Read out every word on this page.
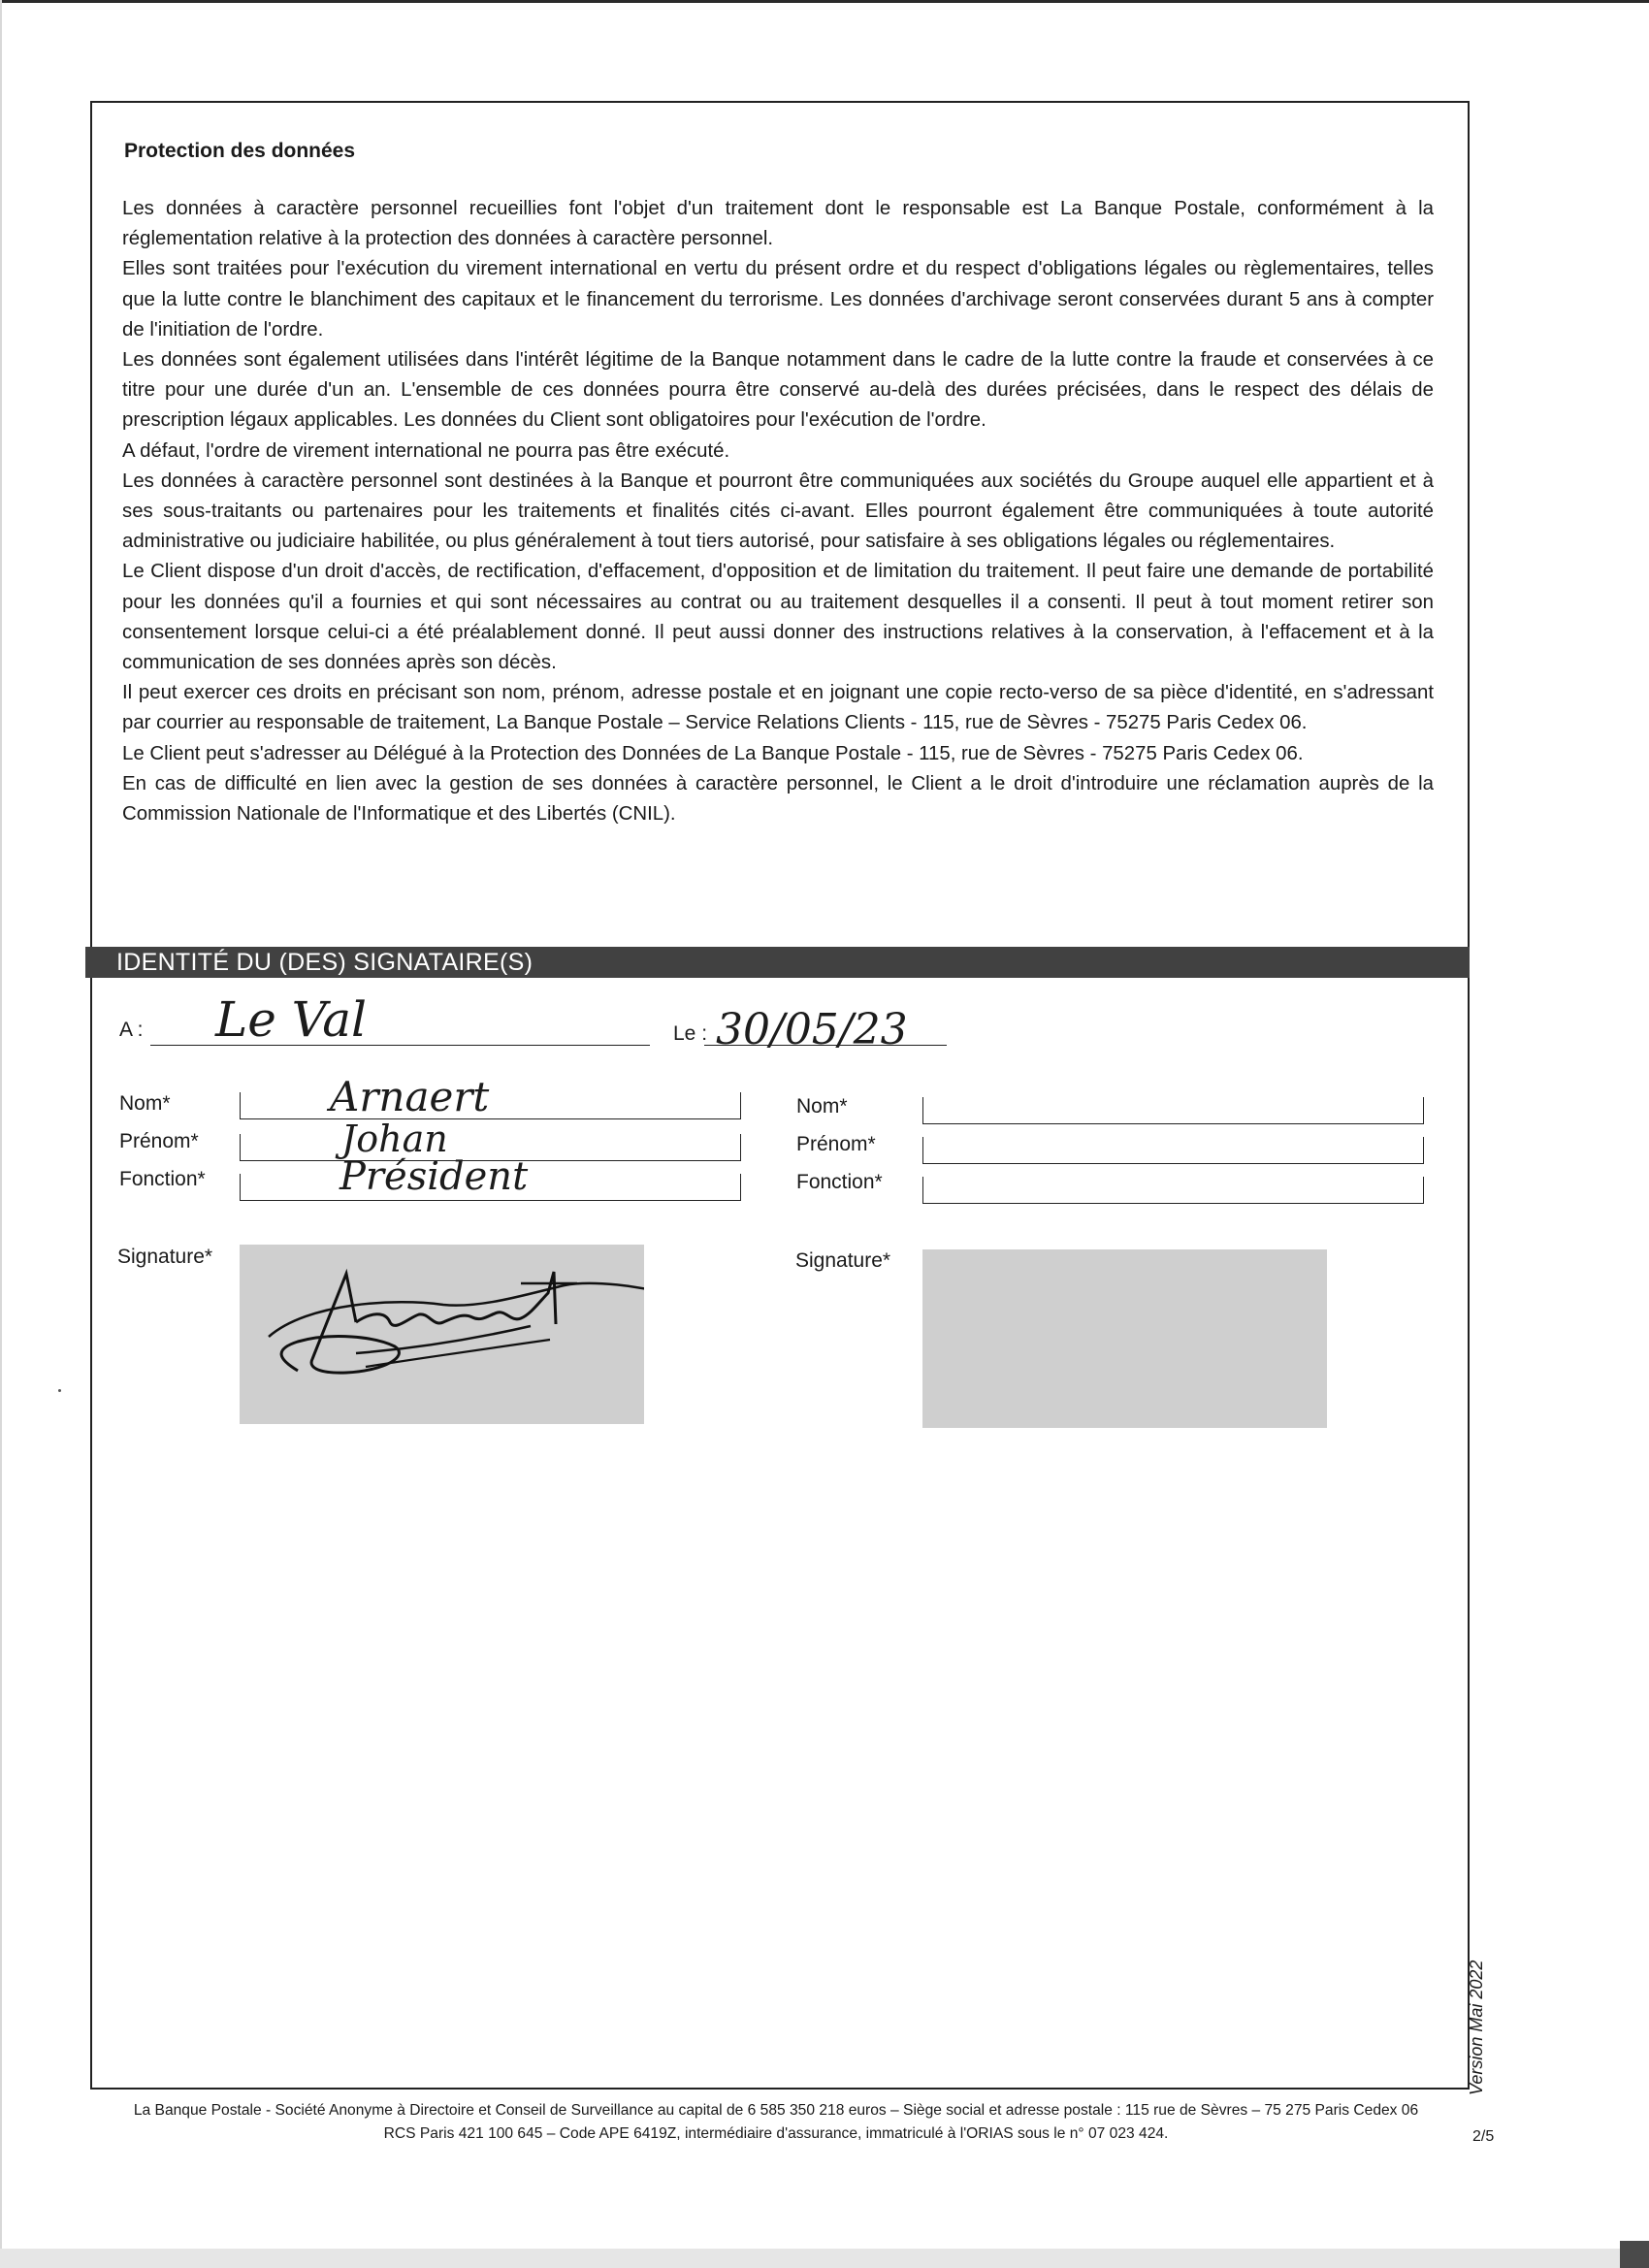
Protection des données

Les données à caractère personnel recueillies font l'objet d'un traitement dont le responsable est La Banque Postale, conformément à la réglementation relative à la protection des données à caractère personnel.

Elles sont traitées pour l'exécution du virement international en vertu du présent ordre et du respect d'obligations légales ou règlementaires, telles que la lutte contre le blanchiment des capitaux et le financement du terrorisme. Les données d'archivage seront conservées durant 5 ans à compter de l'initiation de l'ordre.

Les données sont également utilisées dans l'intérêt légitime de la Banque notamment dans le cadre de la lutte contre la fraude et conservées à ce titre pour une durée d'un an. L'ensemble de ces données pourra être conservé au-delà des durées précisées, dans le respect des délais de prescription légaux applicables. Les données du Client sont obligatoires pour l'exécution de l'ordre.

A défaut, l'ordre de virement international ne pourra pas être exécuté.

Les données à caractère personnel sont destinées à la Banque et pourront être communiquées aux sociétés du Groupe auquel elle appartient et à ses sous-traitants ou partenaires pour les traitements et finalités cités ci-avant. Elles pourront également être communiquées à toute autorité administrative ou judiciaire habilitée, ou plus généralement à tout tiers autorisé, pour satisfaire à ses obligations légales ou réglementaires.

Le Client dispose d'un droit d'accès, de rectification, d'effacement, d'opposition et de limitation du traitement. Il peut faire une demande de portabilité pour les données qu'il a fournies et qui sont nécessaires au contrat ou au traitement desquelles il a consenti. Il peut à tout moment retirer son consentement lorsque celui-ci a été préalablement donné. Il peut aussi donner des instructions relatives à la conservation, à l'effacement et à la communication de ses données après son décès.

Il peut exercer ces droits en précisant son nom, prénom, adresse postale et en joignant une copie recto-verso de sa pièce d'identité, en s'adressant par courrier au responsable de traitement, La Banque Postale – Service Relations Clients - 115, rue de Sèvres - 75275 Paris Cedex 06.

Le Client peut s'adresser au Délégué à la Protection des Données de La Banque Postale - 115, rue de Sèvres - 75275 Paris Cedex 06.

En cas de difficulté en lien avec la gestion de ses données à caractère personnel, le Client a le droit d'introduire une réclamation auprès de la Commission Nationale de l'Informatique et des Libertés (CNIL).

IDENTITÉ DU (DES) SIGNATAIRE(S)
A : Le Val	Le : 30/05/23
Nom*	Arnaert
Prénom*	Johan
Fonction*	Président
Signature*
Nom*
Prénom*
Fonction*
Signature*
Version Mai 2022
La Banque Postale - Société Anonyme à Directoire et Conseil de Surveillance au capital de 6 585 350 218 euros – Siège social et adresse postale : 115 rue de Sèvres – 75 275 Paris Cedex 06
RCS Paris 421 100 645 – Code APE 6419Z, intermédiaire d'assurance, immatriculé à l'ORIAS sous le n° 07 023 424.	2/5
